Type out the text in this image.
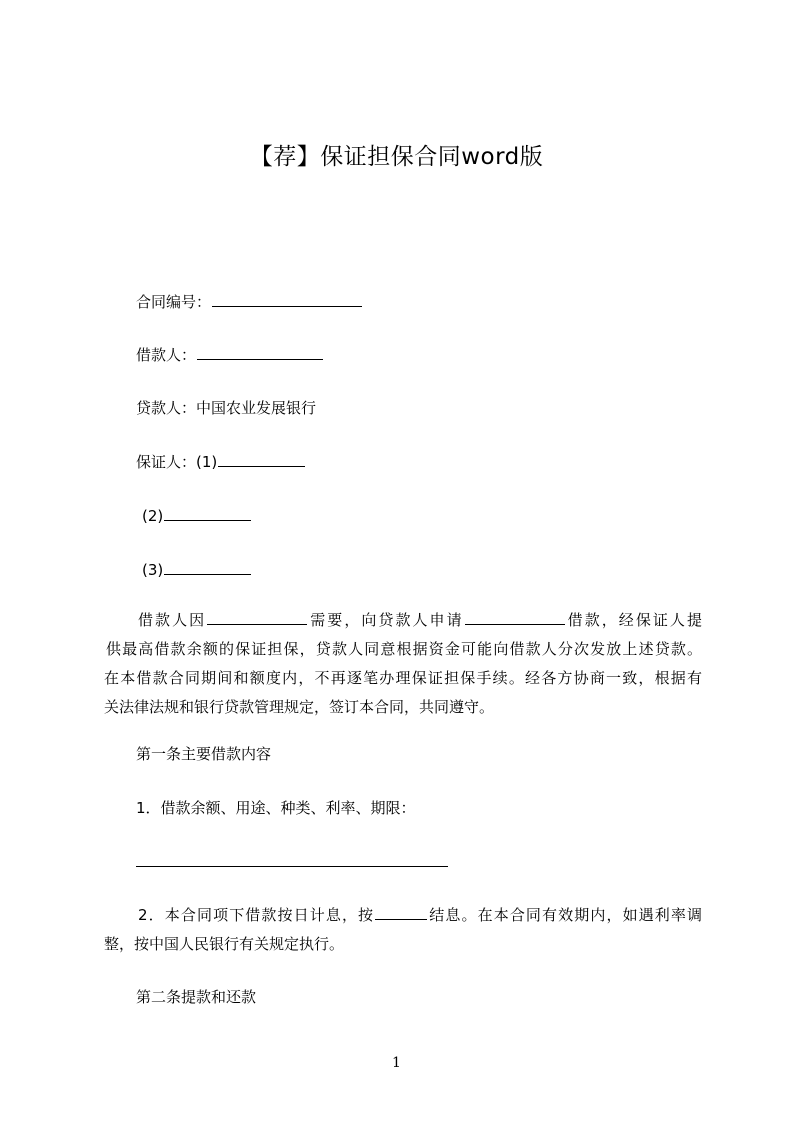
【荐】保证担保合同word版
合同编号：
借款人：
贷款人：中国农业发展银行
保证人：(1)
(2)
(3)
借款人因	需要，向贷款人申请	借款，经保证人提
供最高借款余额的保证担保，贷款人同意根据资金可能向借款人分次发放上述贷款。
在本借款合同期间和额度内，不再逐笔办理保证担保手续。经各方协商一致，根据有
关法律法规和银行贷款管理规定，签订本合同，共同遵守。
第一条主要借款内容
1．借款余额、用途、种类、利率、期限：
2．本合同项下借款按日计息，按	结息。在本合同有效期内，如遇利率调
整，按中国人民银行有关规定执行。
第二条提款和还款
1
